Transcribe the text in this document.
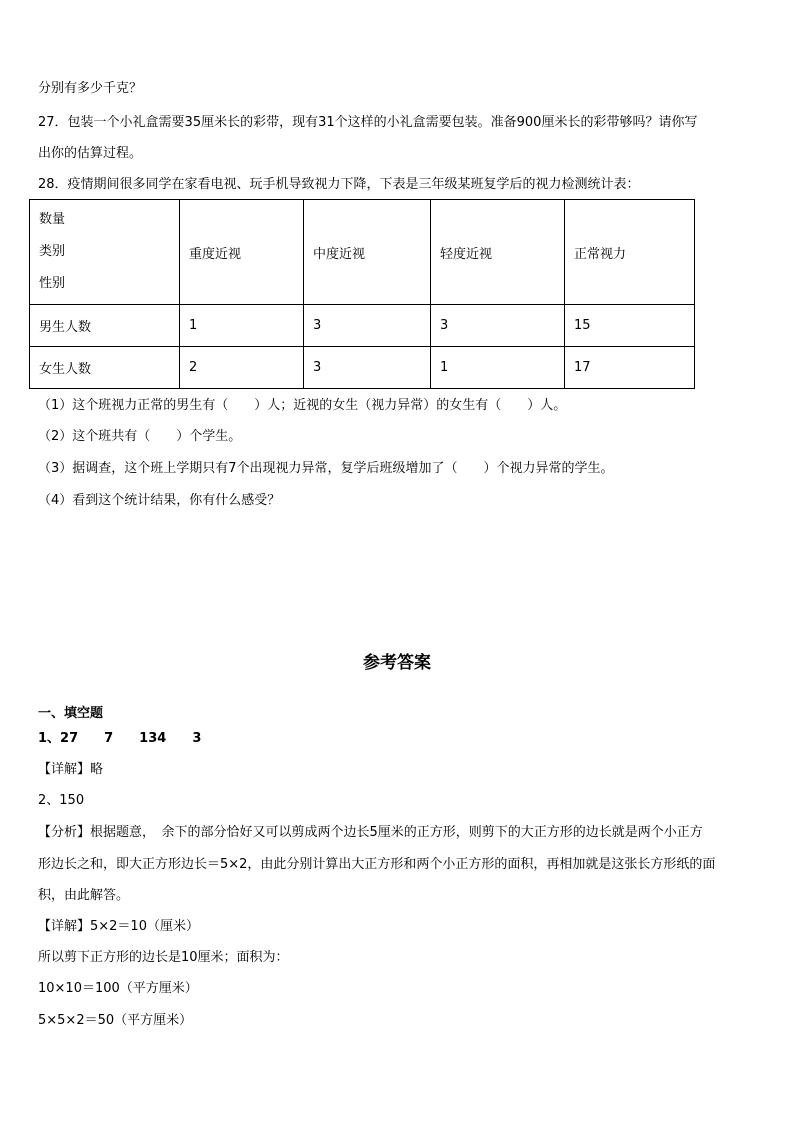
分别有多少千克？
27．包装一个小礼盒需要35厘米长的彩带，现有31个这样的小礼盒需要包装。准备900厘米长的彩带够吗？请你写
出你的估算过程。
28．疫情期间很多同学在家看电视、玩手机导致视力下降，下表是三年级某班复学后的视力检测统计表：
数量
类别
性别	重度近视	中度近视	轻度近视	正常视力
男生人数	1	3	3	15
女生人数	2	3	1	17
（1）这个班视力正常的男生有（　　）人；近视的女生（视力异常）的女生有（　　）人。
（2）这个班共有（　　）个学生。
（3）据调查，这个班上学期只有7个出现视力异常，复学后班级增加了（　　）个视力异常的学生。
（4）看到这个统计结果，你有什么感受？
参考答案
一、填空题
1、27　　7　　134　　3
【详解】略
2、150
【分析】根据题意，　余下的部分恰好又可以剪成两个边长5厘米的正方形，则剪下的大正方形的边长就是两个小正方
形边长之和，即大正方形边长＝5×2，由此分别计算出大正方形和两个小正方形的面积，再相加就是这张长方形纸的面
积，由此解答。
【详解】5×2＝10（厘米）
所以剪下正方形的边长是10厘米；面积为：
10×10＝100（平方厘米）
5×5×2＝50（平方厘米）
